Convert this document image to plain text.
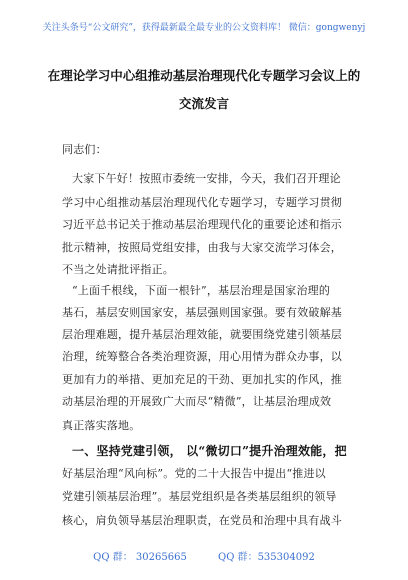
关注头条号“公文研究”，获得最新最全最专业的公文资料库！ 微信：gongwenyj
在理论学习中心组推动基层治理现代化专题学习会议上的
交流发言
同志们：
大家下午好！按照市委统一安排，今天，我们召开理论
学习中心组推动基层治理现代化专题学习，专题学习贯彻
习近平总书记关于推动基层治理现代化的重要论述和指示
批示精神，按照局党组安排，由我与大家交流学习体会，
不当之处请批评指正。
“上面千根线，下面一根针”，基层治理是国家治理的
基石，基层安则国家安，基层强则国家强。要有效破解基
层治理难题，提升基层治理效能，就要围绕党建引领基层
治理，统筹整合各类治理资源，用心用情为群众办事，以
更加有力的举措、更加充足的干劲、更加扎实的作风，推
动基层治理的开展致广大而尽“精微”，让基层治理成效
真正落实落地。
一、坚持党建引领， 以“微切口”提升治理效能，把
好基层治理“风向标”。党的二十大报告中提出“推进以
党建引领基层治理”。基层党组织是各类基层组织的领导
核心，肩负领导基层治理职责，在党员和治理中具有战斗
QQ 群： 30265665	QQ 群：535304092
